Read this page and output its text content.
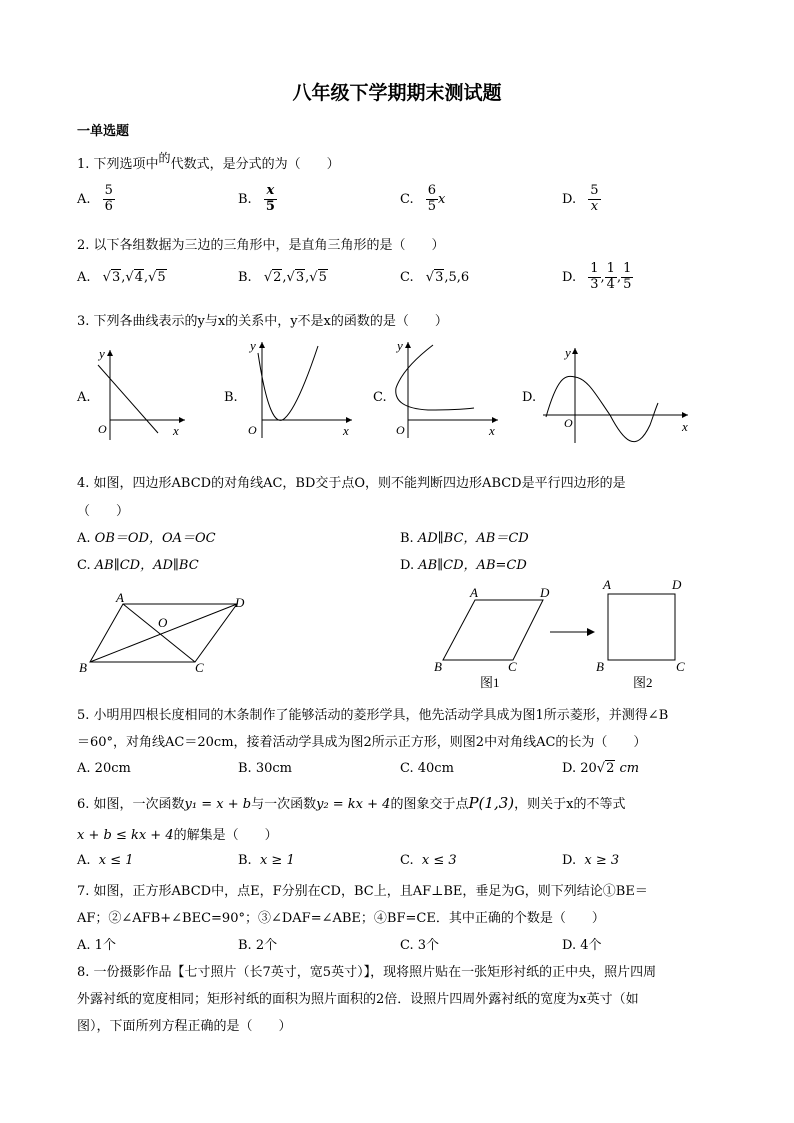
八年级下学期期末测试题
一单选题
1. 下列选项中的代数式，是分式的为（　　）
A. $\frac{5}{6}$	B. $\frac{x}{5}$	C. $\frac{6}{5}$ x	D. $\frac{5}{x}$
2. 以下各组数据为三边的三角形中，是直角三角形的是（　　）
A. √3,√4,√5	B. √2,√3,√5	C. √3,5,6	D. $\frac{1}{3}$ , $\frac{1}{4}$ , $\frac{1}{5}$
3. 下列各曲线表示的y与x的关系中，y不是x的函数的是（　　）
A.
O	x
y
B.
O	x
y
C.
O	x
y
D.
O	x
y
4. 如图，四边形ABCD的对角线AC，BD交于点O，则不能判断四边形ABCD是平行四边形的是
（　　）
A. OB＝OD，OA＝OC	B. AD∥BC，AB＝CD
C. AB∥CD，AD∥BC	D. AB∥CD，AB=CD
A	D
O
B	C
A	D
B	C
图1
A	D
B	C
图2
5. 小明用四根长度相同的木条制作了能够活动的菱形学具，他先活动学具成为图1所示菱形，并测得∠B
＝60°，对角线AC＝20cm，接着活动学具成为图2所示正方形，则图2中对角线AC的长为（　　）
A. 20cm	B. 30cm	C. 40cm	D. 20√2 cm
6. 如图，一次函数y₁ = x + b与一次函数y₂ = kx + 4的图象交于点P(1,3)，则关于x的不等式
x + b ≤ kx + 4的解集是（　　）
A. x ≤ 1	B. x ≥ 1	C. x ≤ 3	D. x ≥ 3
7. 如图，正方形ABCD中，点E，F分别在CD，BC上，且AF⊥BE，垂足为G，则下列结论①BE＝
AF；②∠AFB+∠BEC=90°；③∠DAF=∠ABE；④BF=CE．其中正确的个数是（　　）
A. 1个	B. 2个	C. 3个	D. 4个
8. 一份摄影作品【七寸照片（长7英寸，宽5英寸）】，现将照片贴在一张矩形衬纸的正中央，照片四周
外露衬纸的宽度相同；矩形衬纸的面积为照片面积的2倍．设照片四周外露衬纸的宽度为x英寸（如
图），下面所列方程正确的是（　　）
